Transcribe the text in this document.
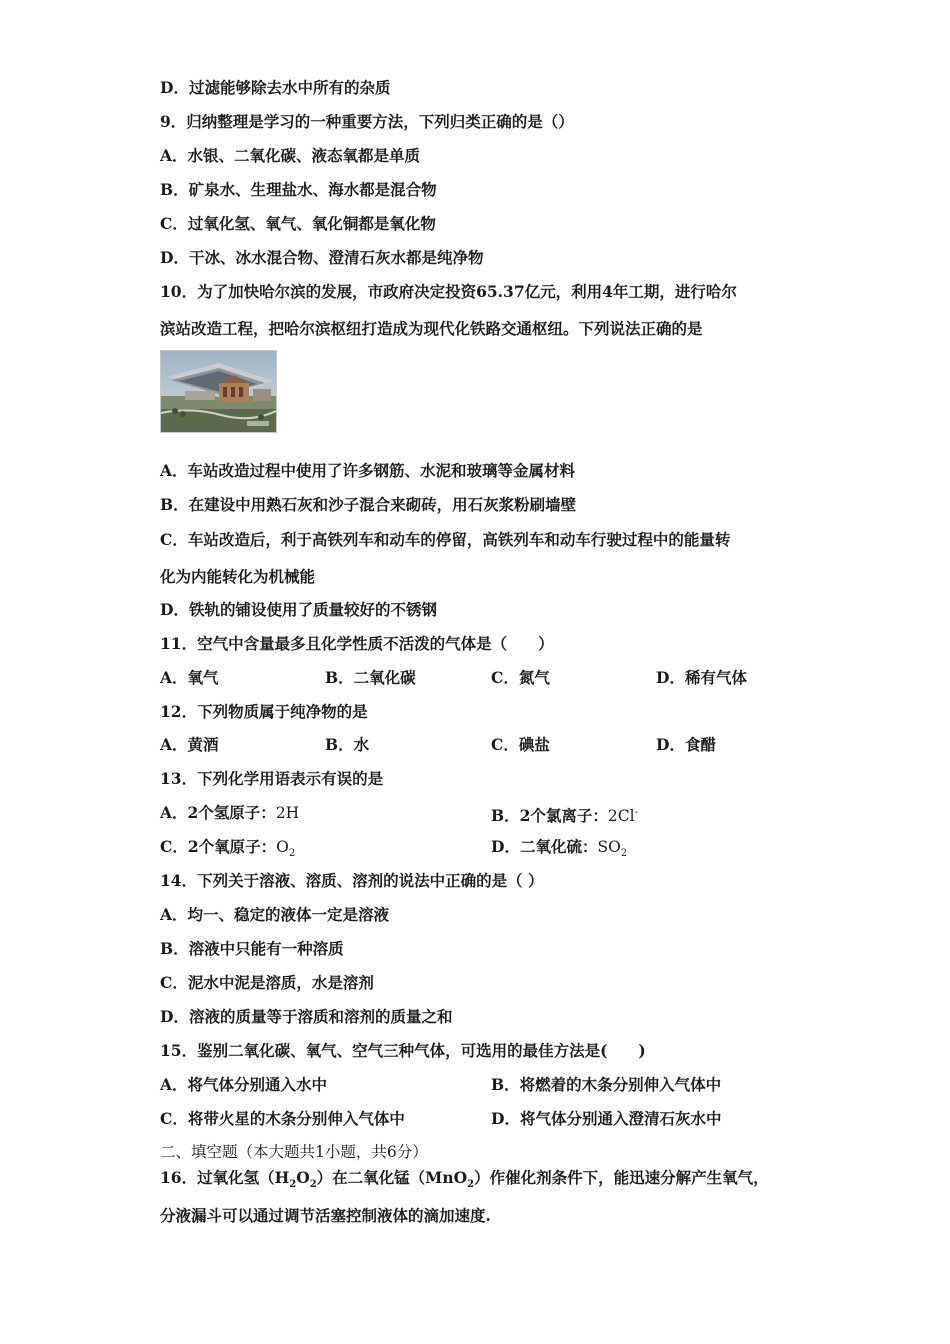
D．过滤能够除去水中所有的杂质
9．归纳整理是学习的一种重要方法，下列归类正确的是（）
A．水银、二氧化碳、液态氧都是单质
B．矿泉水、生理盐水、海水都是混合物
C．过氧化氢、氧气、氧化铜都是氧化物
D．干冰、冰水混合物、澄清石灰水都是纯净物
10．为了加快哈尔滨的发展，市政府决定投资65.37亿元，利用4年工期，进行哈尔
滨站改造工程，把哈尔滨枢纽打造成为现代化铁路交通枢纽。下列说法正确的是
A．车站改造过程中使用了许多钢筋、水泥和玻璃等金属材料
B．在建设中用熟石灰和沙子混合来砌砖，用石灰浆粉刷墙壁
C．车站改造后，利于高铁列车和动车的停留，高铁列车和动车行驶过程中的能量转
化为内能转化为机械能
D．铁轨的铺设使用了质量较好的不锈钢
11．空气中含量最多且化学性质不活泼的气体是（　　）
A．氧气	B．二氧化碳	C．氮气	D．稀有气体
12．下列物质属于纯净物的是
A．黄酒	B．水	C．碘盐	D．食醋
13．下列化学用语表示有误的是
A．2个氢原子：2H	B．2个氯离子：2Cl-
C．2个氧原子：$O_2$	D．二氧化硫：$SO_2$
14．下列关于溶液、溶质、溶剂的说法中正确的是（ ）
A．均一、稳定的液体一定是溶液
B．溶液中只能有一种溶质
C．泥水中泥是溶质，水是溶剂
D．溶液的质量等于溶质和溶剂的质量之和
15．鉴别二氧化碳、氧气、空气三种气体，可选用的最佳方法是(　　)
A．将气体分别通入水中	B．将燃着的木条分别伸入气体中
C．将带火星的木条分别伸入气体中	D．将气体分别通入澄清石灰水中
二、填空题（本大题共1小题，共6分）
16．过氧化氢$(H_2O_2)$在二氧化锰（MnO$_2$）作催化剂条件下，能迅速分解产生氧气，
分液漏斗可以通过调节活塞控制液体的滴加速度.
